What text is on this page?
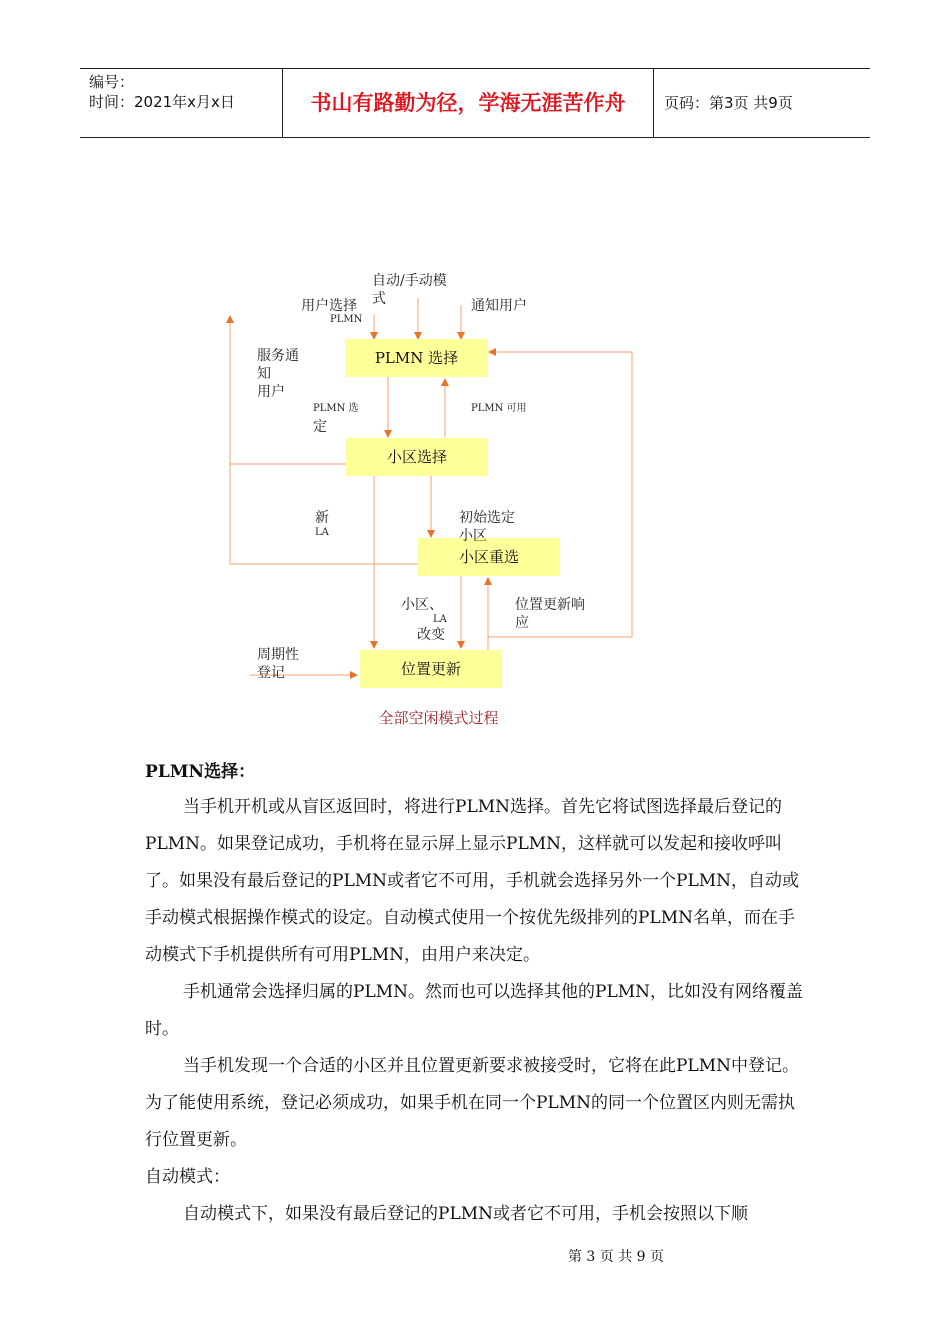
编号：
时间：2021年x月x日	书山有路勤为径，学海无涯苦作舟	页码：第3页 共9页
PLMN 选择
小区选择
小区重选
位置更新
自动/手动模
式
用户选择
PLMN
通知用户
服务通
知
用户
PLMN 选
定
PLMN 可用
新
LA
初始选定
小区
小区、
LA
改变
位置更新响
应
周期性
登记
全部空闲模式过程
PLMN选择：

当手机开机或从盲区返回时，将进行PLMN选择。首先它将试图选择最后登记的PLMN。如果登记成功，手机将在显示屏上显示PLMN，这样就可以发起和接收呼叫了。如果没有最后登记的PLMN或者它不可用，手机就会选择另外一个PLMN，自动或手动模式根据操作模式的设定。自动模式使用一个按优先级排列的PLMN名单，而在手动模式下手机提供所有可用PLMN，由用户来决定。

手机通常会选择归属的PLMN。然而也可以选择其他的PLMN，比如没有网络覆盖时。

当手机发现一个合适的小区并且位置更新要求被接受时，它将在此PLMN中登记。为了能使用系统，登记必须成功，如果手机在同一个PLMN的同一个位置区内则无需执行位置更新。

自动模式：

自动模式下，如果没有最后登记的PLMN或者它不可用，手机会按照以下顺

第 3 页 共 9 页
